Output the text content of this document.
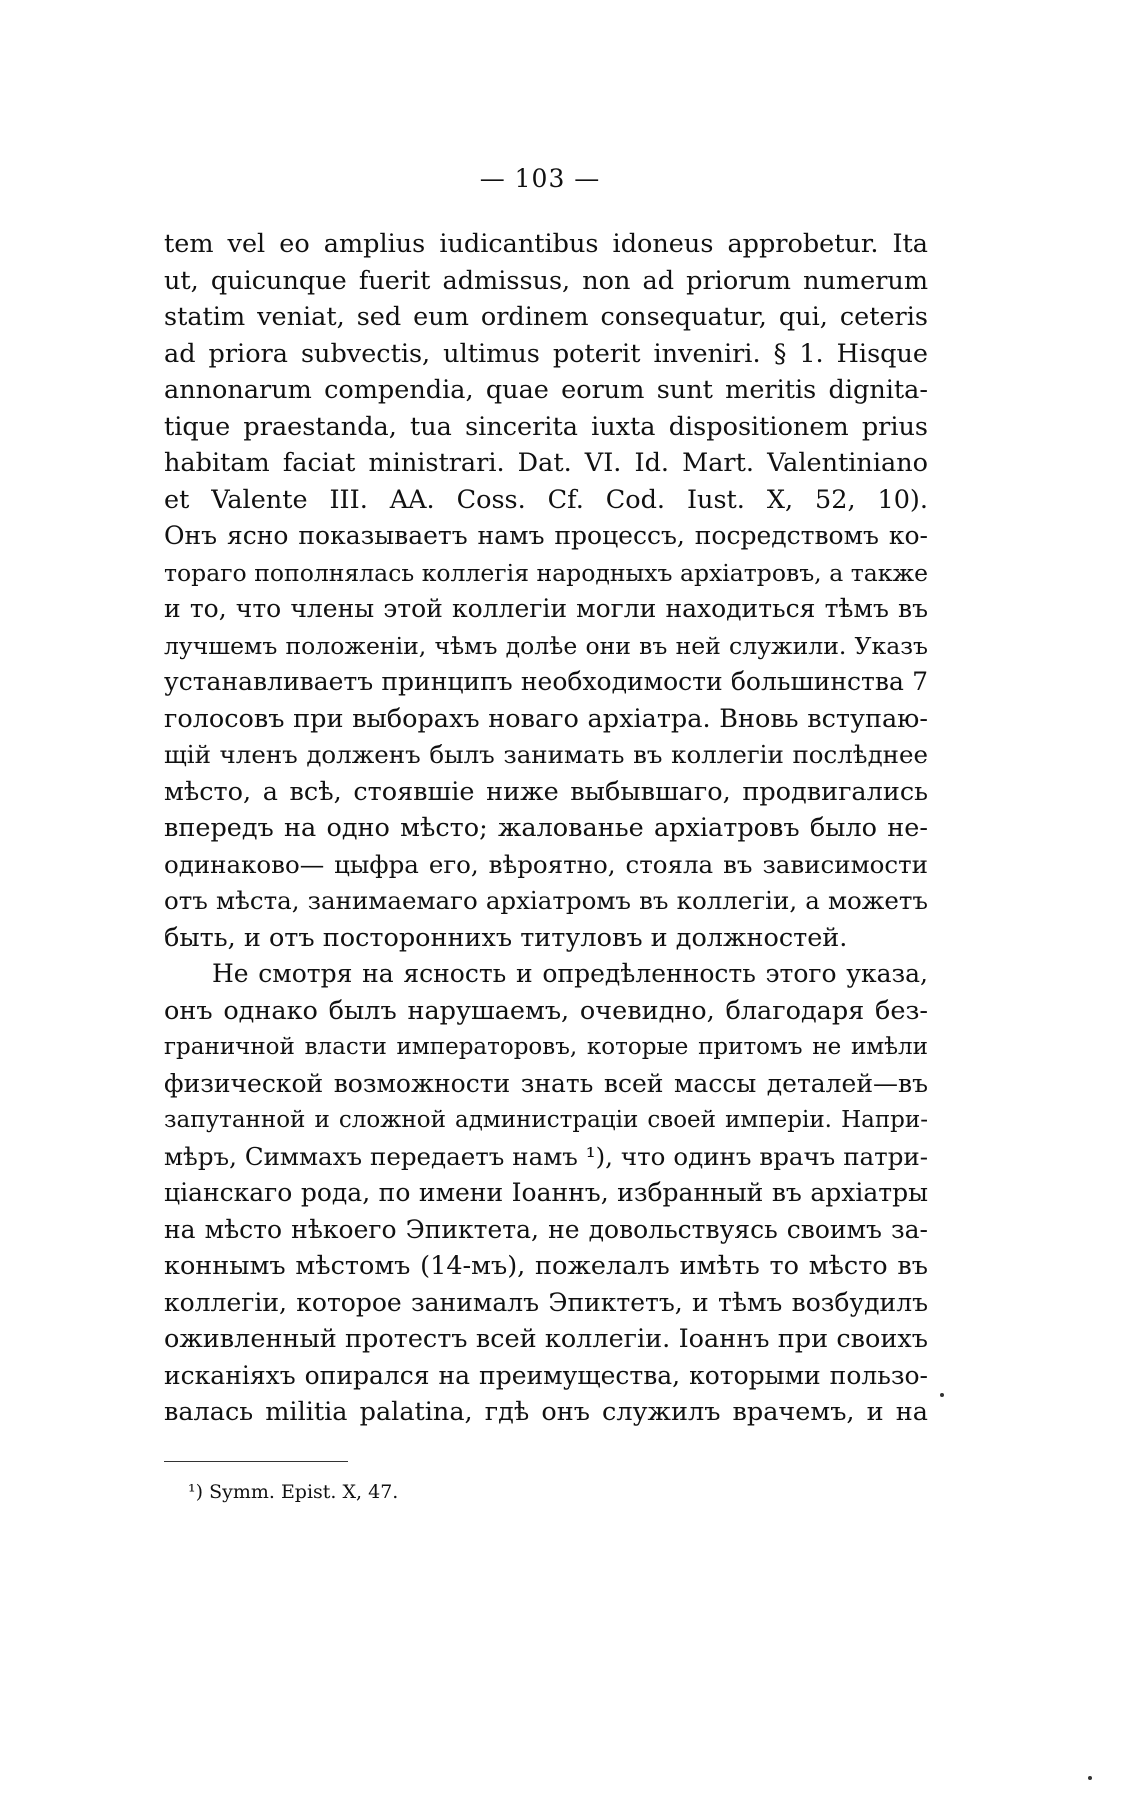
— 103 —
tem vel eo amplius iudicantibus idoneus approbetur. Ita
ut, quicunque fuerit admissus, non ad priorum numerum
statim veniat, sed eum ordinem consequatur, qui, ceteris
ad priora subvectis, ultimus poterit inveniri. § 1. Hisque
annonarum compendia, quae eorum sunt meritis dignita-
tique praestanda, tua sincerita iuxta dispositionem prius
habitam faciat ministrari. Dat. VI. Id. Mart. Valentiniano
et Valente III. AA. Coss. Cf. Cod. Iust. X, 52, 10).
Онъ ясно показываетъ намъ процессъ, посредствомъ ко-
тораго пополнялась коллегія народныхъ архіатровъ, а также
и то, что члены этой коллегіи могли находиться тѣмъ въ
лучшемъ положеніи, чѣмъ долѣе они въ ней служили. Указъ
устанавливаетъ принципъ необходимости большинства 7
голосовъ при выборахъ новаго архіатра. Вновь вступаю-
щій членъ долженъ былъ занимать въ коллегіи послѣднее
мѣсто, а всѣ, стоявшіе ниже выбывшаго, продвигались
впередъ на одно мѣсто; жалованье архіатровъ было не-
одинаково— цыфра его, вѣроятно, стояла въ зависимости
отъ мѣста, занимаемаго архіатромъ въ коллегіи, а можетъ
быть, и отъ постороннихъ титуловъ и должностей.
Не смотря на ясность и опредѣленность этого указа,
онъ однако былъ нарушаемъ, очевидно, благодаря без-
граничной власти императоровъ, которые притомъ не имѣли
физической возможности знать всей массы деталей—въ
запутанной и сложной администраціи своей имперіи. Напри-
мѣръ, Симмахъ передаетъ намъ ¹), что одинъ врачъ патри-
ціанскаго рода, по имени Іоаннъ, избранный въ архіатры
на мѣсто нѣкоего Эпиктета, не довольствуясь своимъ за-
коннымъ мѣстомъ (14-мъ), пожелалъ имѣть то мѣсто въ
коллегіи, которое занималъ Эпиктетъ, и тѣмъ возбудилъ
оживленный протестъ всей коллегіи. Іоаннъ при своихъ
исканіяхъ опирался на преимущества, которыми пользо-
валась militia palatina, гдѣ онъ служилъ врачемъ, и на
¹) Symm. Epist. X, 47.
